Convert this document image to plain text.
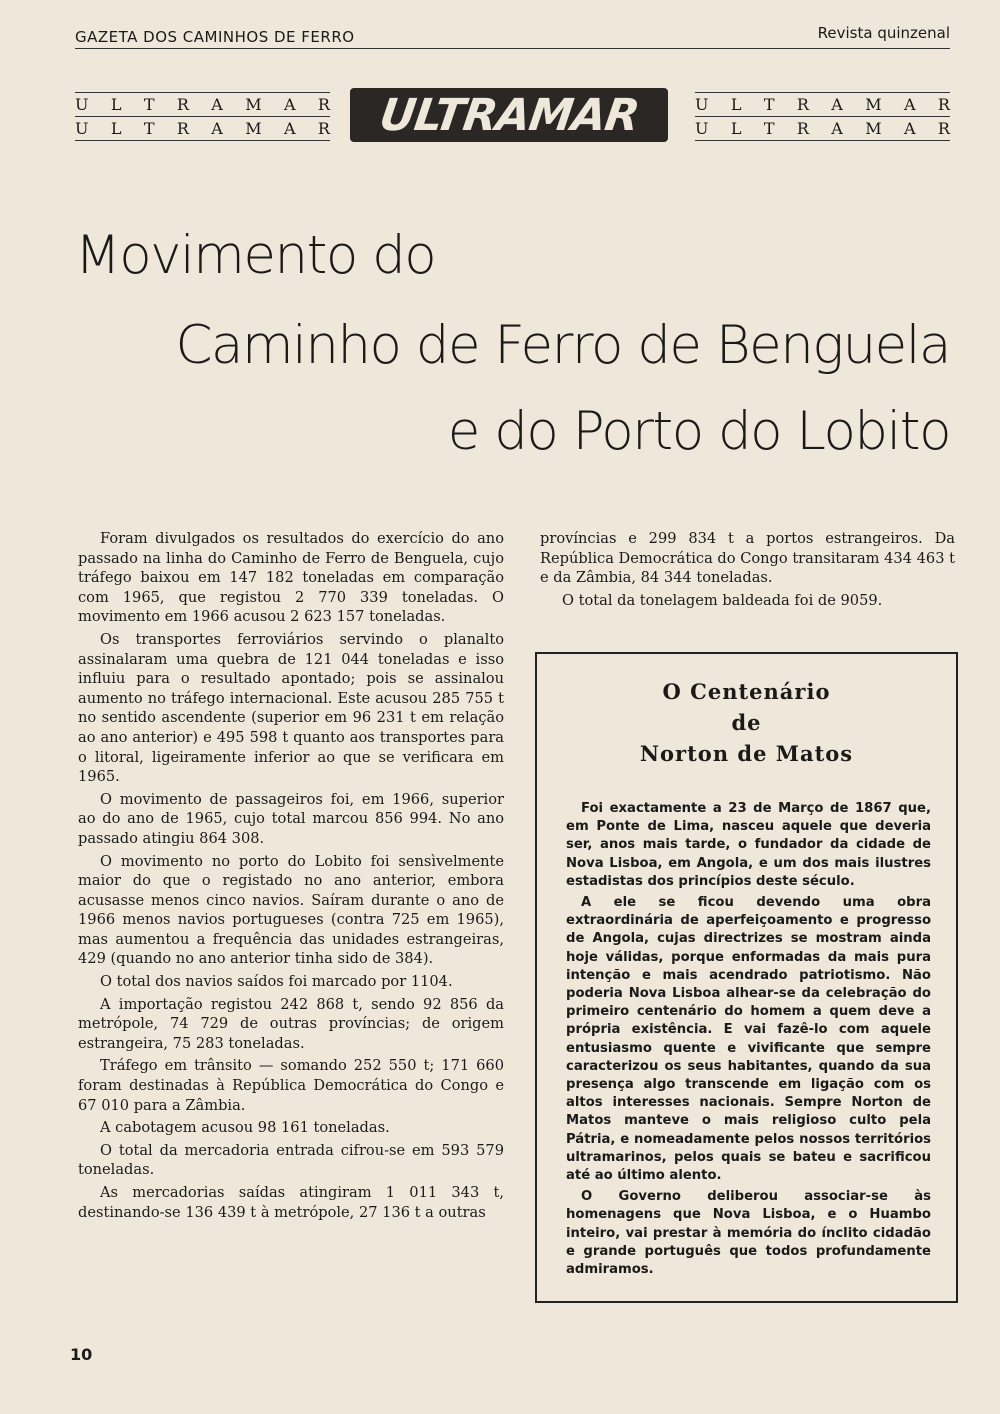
GAZETA DOS CAMINHOS DE FERRO	Revista quinzenal
U L T R A M A R
U L T R A M A R ULTRAMAR	U L T R A M A R
U L T R A M A R
Movimento do
Caminho de Ferro de Benguela
e do Porto do Lobito

Foram divulgados os resultados do exercício do ano passado na linha do Caminho de Ferro de Benguela, cujo tráfego baixou em 147 182 toneladas em comparação com 1965, que registou 2 770 339 toneladas. O movimento em 1966 acusou 2 623 157 toneladas.

Os transportes ferroviários servindo o planalto assinalaram uma quebra de 121 044 toneladas e isso influiu para o resultado apontado; pois se assinalou aumento no tráfego internacional. Este acusou 285 755 t no sentido ascendente (superior em 96 231 t em relação ao ano anterior) e 495 598 t quanto aos transportes para o litoral, ligeiramente inferior ao que se verificara em 1965.

O movimento de passageiros foi, em 1966, superior ao do ano de 1965, cujo total marcou 856 994. No ano passado atingiu 864 308.

O movimento no porto do Lobito foi sensìvelmente maior do que o registado no ano anterior, embora acusasse menos cinco navios. Saíram durante o ano de 1966 menos navios portugueses (contra 725 em 1965), mas aumentou a frequência das unidades estrangeiras, 429 (quando no ano anterior tinha sido de 384).

O total dos navios saídos foi marcado por 1104.

A importação registou 242 868 t, sendo 92 856 da metrópole, 74 729 de outras províncias; de origem estrangeira, 75 283 toneladas.

Tráfego em trânsito — somando 252 550 t; 171 660 foram destinadas à República Democrática do Congo e 67 010 para a Zâmbia.

A cabotagem acusou 98 161 toneladas.

O total da mercadoria entrada cifrou-se em 593 579 toneladas.

As mercadorias saídas atingiram 1 011 343 t, destinando-se 136 439 t à metrópole, 27 136 t a outras

províncias e 299 834 t a portos estrangeiros. Da República Democrática do Congo transitaram 434 463 t e da Zâmbia, 84 344 toneladas.

O total da tonelagem baldeada foi de 9059.

O Centenário
de
Norton de Matos

Foi exactamente a 23 de Março de 1867 que, em Ponte de Lima, nasceu aquele que deveria ser, anos mais tarde, o fundador da cidade de Nova Lisboa, em Angola, e um dos mais ilustres estadistas dos princípios deste século.

A ele se ficou devendo uma obra extraordinária de aperfeiçoamento e progresso de Angola, cujas directrizes se mostram ainda hoje válidas, porque enformadas da mais pura intenção e mais acendrado patriotismo. Não poderia Nova Lisboa alhear-se da celebração do primeiro centenário do homem a quem deve a própria existência. E vai fazê-lo com aquele entusiasmo quente e vivificante que sempre caracterizou os seus habitantes, quando da sua presença algo transcende em ligação com os altos interesses nacionais. Sempre Norton de Matos manteve o mais religioso culto pela Pátria, e nomeadamente pelos nossos territórios ultramarinos, pelos quais se bateu e sacrificou até ao último alento.

O Governo deliberou associar-se às homenagens que Nova Lisboa, e o Huambo inteiro, vai prestar à memória do ínclito cidadão e grande português que todos profundamente admiramos.

10
